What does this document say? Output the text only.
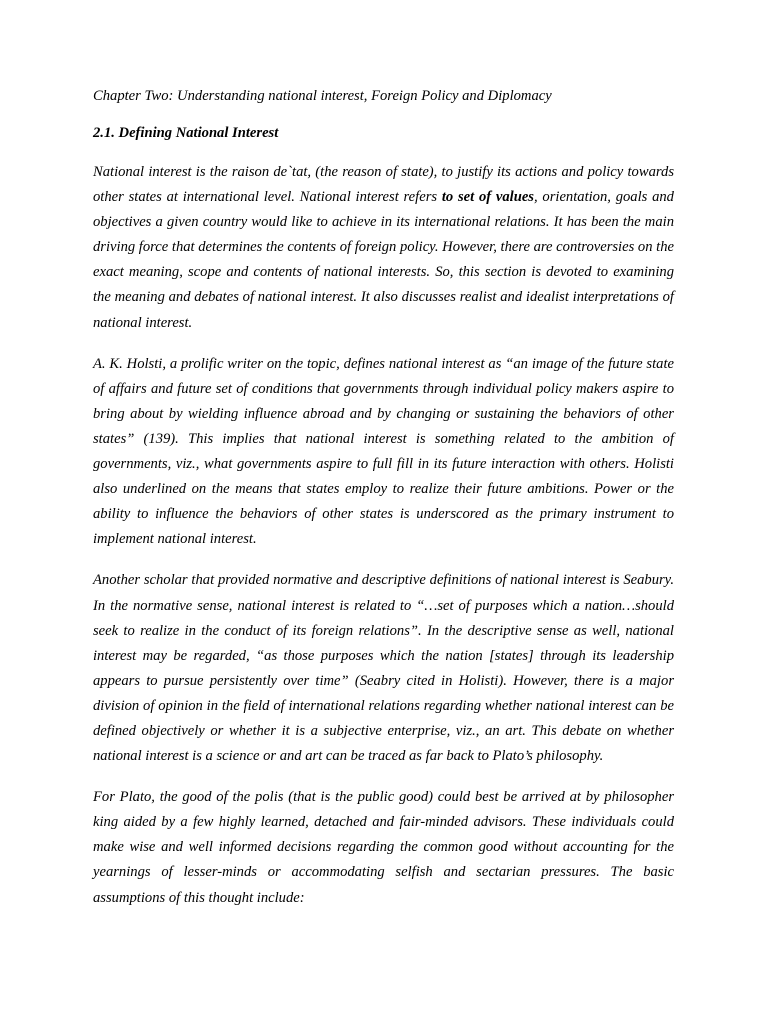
Chapter Two: Understanding national interest, Foreign Policy and Diplomacy

2.1. Defining National Interest

National interest is the raison de`tat, (the reason of state), to justify its actions and policy towards other states at international level. National interest refers to set of values, orientation, goals and objectives a given country would like to achieve in its international relations. It has been the main driving force that determines the contents of foreign policy. However, there are controversies on the exact meaning, scope and contents of national interests. So, this section is devoted to examining the meaning and debates of national interest. It also discusses realist and idealist interpretations of national interest.

A. K. Holsti, a prolific writer on the topic, defines national interest as “an image of the future state of affairs and future set of conditions that governments through individual policy makers aspire to bring about by wielding influence abroad and by changing or sustaining the behaviors of other states” (139). This implies that national interest is something related to the ambition of governments, viz., what governments aspire to full fill in its future interaction with others. Holisti also underlined on the means that states employ to realize their future ambitions. Power or the ability to influence the behaviors of other states is underscored as the primary instrument to implement national interest.

Another scholar that provided normative and descriptive definitions of national interest is Seabury. In the normative sense, national interest is related to “…set of purposes which a nation…should seek to realize in the conduct of its foreign relations”. In the descriptive sense as well, national interest may be regarded, “as those purposes which the nation [states] through its leadership appears to pursue persistently over time” (Seabry cited in Holisti). However, there is a major division of opinion in the field of international relations regarding whether national interest can be defined objectively or whether it is a subjective enterprise, viz., an art. This debate on whether national interest is a science or and art can be traced as far back to Plato’s philosophy.

For Plato, the good of the polis (that is the public good) could best be arrived at by philosopher king aided by a few highly learned, detached and fair-minded advisors. These individuals could make wise and well informed decisions regarding the common good without accounting for the yearnings of lesser-minds or accommodating selfish and sectarian pressures. The basic assumptions of this thought include:
